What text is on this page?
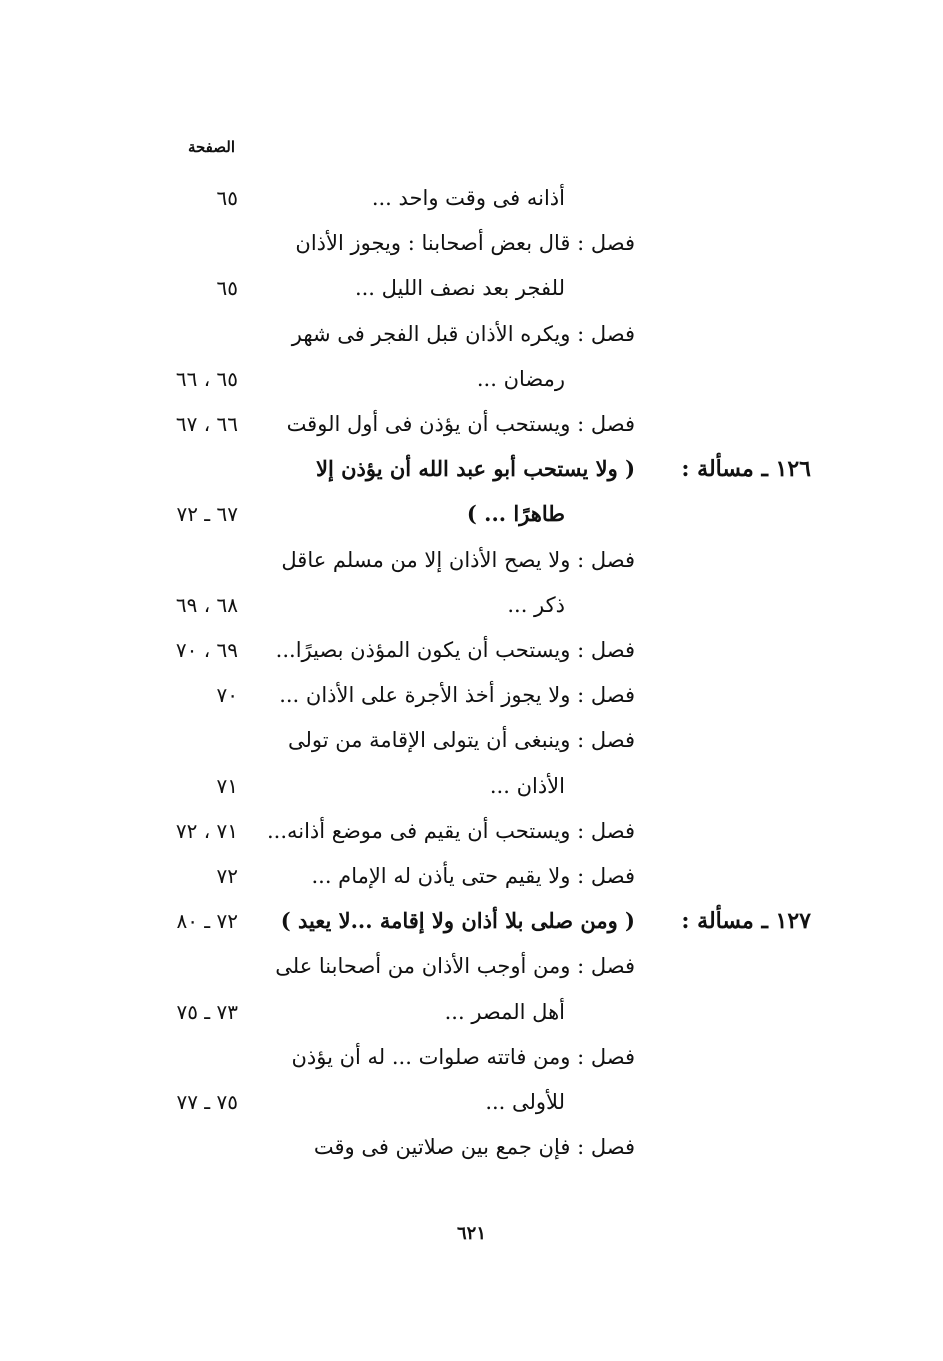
الصفحة
أذانه فى وقت واحد ...
٦٥
فصل : قال بعض أصحابنا : ويجوز الأذان
للفجر بعد نصف الليل ...
٦٥
فصل : ويكره الأذان قبل الفجر فى شهر
رمضان ...
٦٥ ، ٦٦
فصل : ويستحب أن يؤذن فى أول الوقت
٦٦ ، ٦٧
١٢٦ ـ مسألة :
( ولا يستحب أبو عبد الله أن يؤذن إلا
طاهرًا ... )
٦٧ ـ ٧٢
فصل : ولا يصح الأذان إلا من مسلم عاقل
ذكر ...
٦٨ ، ٦٩
فصل : ويستحب أن يكون المؤذن بصيرًا...
٦٩ ، ٧٠
فصل : ولا يجوز أخذ الأجرة على الأذان ...
٧٠
فصل : وينبغى أن يتولى الإقامة من تولى
الأذان ...
٧١
فصل : ويستحب أن يقيم فى موضع أذانه...
٧١ ، ٧٢
فصل : ولا يقيم حتى يأذن له الإمام ...
٧٢
١٢٧ ـ مسألة :
( ومن صلى بلا أذان ولا إقامة ...لا يعيد )
٧٢ ـ ٨٠
فصل : ومن أوجب الأذان من أصحابنا على
أهل المصر ...
٧٣ ـ ٧٥
فصل : ومن فاتته صلوات ... له أن يؤذن
للأولى ...
٧٥ ـ ٧٧
فصل : فإن جمع بين صلاتين فى وقت
٦٢١
